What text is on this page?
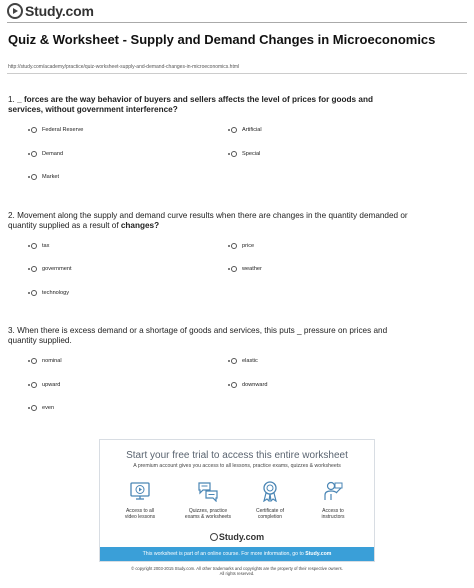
Study.com
Quiz & Worksheet - Supply and Demand Changes in Microeconomics
http://study.com/academy/practice/quiz-worksheet-supply-and-demand-changes-in-microeconomics.html
1. _ forces are the way behavior of buyers and sellers affects the level of prices for goods and services, without government interference?
Federal Reserve	Artificial
Demand	Special
Market
2. Movement along the supply and demand curve results when there are changes in the quantity demanded or quantity supplied as a result of changes?
tax	price
government	weather
technology
3. When there is excess demand or a shortage of goods and services, this puts _ pressure on prices and quantity supplied.
nominal	elastic
upward	downward
even
Start your free trial to access this entire worksheet
A premium account gives you access to all lessons, practice exams, quizzes & worksheets
Access to all
video lessons
Quizzes, practice
exams & worksheets
Certificate of
completion
Access to
instructors
Study.com
This worksheet is part of an online course. For more information, go to Study.com
© copyright 2003-2015 Study.com. All other trademarks and copyrights are the property of their respective owners.
All rights reserved.
